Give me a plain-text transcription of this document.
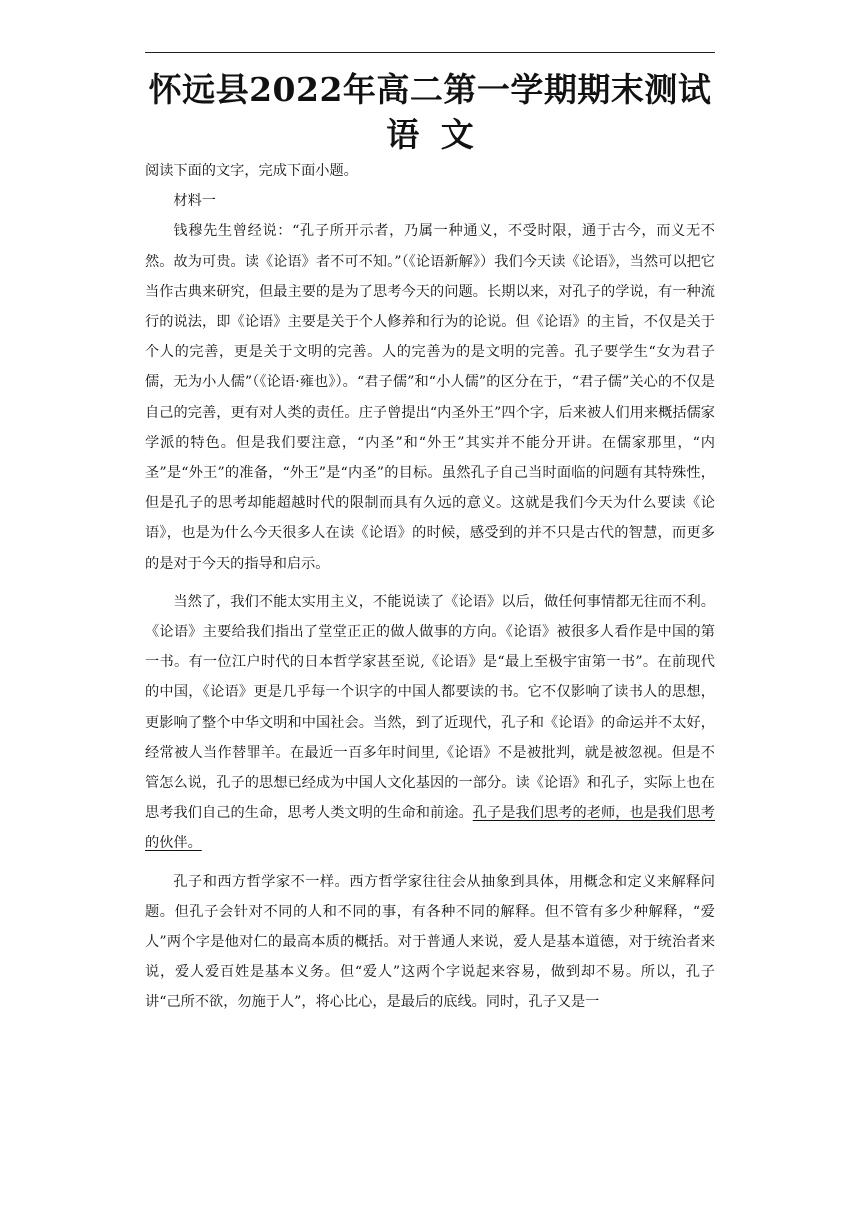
怀远县2022年高二第一学期期末测试
语 文

阅读下面的文字，完成下面小题。

材料一

钱穆先生曾经说：“孔子所开示者，乃属一种通义，不受时限，通于古今，而义无不然。故为可贵。读《论语》者不可不知。”（《论语新解》）我们今天读《论语》，当然可以把它当作古典来研究，但最主要的是为了思考今天的问题。长期以来，对孔子的学说，有一种流行的说法，即《论语》主要是关于个人修养和行为的论说。但《论语》的主旨，不仅是关于个人的完善，更是关于文明的完善。人的完善为的是文明的完善。孔子要学生“女为君子儒，无为小人儒”（《论语·雍也》）。“君子儒”和“小人儒”的区分在于，“君子儒”关心的不仅是自己的完善，更有对人类的责任。庄子曾提出“内圣外王”四个字，后来被人们用来概括儒家学派的特色。但是我们要注意，“内圣”和“外王”其实并不能分开讲。在儒家那里，“内圣”是“外王”的准备，“外王”是“内圣”的目标。虽然孔子自己当时面临的问题有其特殊性，但是孔子的思考却能超越时代的限制而具有久远的意义。这就是我们今天为什么要读《论语》，也是为什么今天很多人在读《论语》的时候，感受到的并不只是古代的智慧，而更多的是对于今天的指导和启示。

当然了，我们不能太实用主义，不能说读了《论语》以后，做任何事情都无往而不利。《论语》主要给我们指出了堂堂正正的做人做事的方向。《论语》被很多人看作是中国的第一书。有一位江户时代的日本哲学家甚至说,《论语》是“最上至极宇宙第一书”。在前现代的中国，《论语》更是几乎每一个识字的中国人都要读的书。它不仅影响了读书人的思想，更影响了整个中华文明和中国社会。当然，到了近现代，孔子和《论语》的命运并不太好，经常被人当作替罪羊。在最近一百多年时间里,《论语》不是被批判，就是被忽视。但是不管怎么说，孔子的思想已经成为中国人文化基因的一部分。读《论语》和孔子，实际上也在思考我们自己的生命，思考人类文明的生命和前途。孔子是我们思考的老师，也是我们思考的伙伴。

孔子和西方哲学家不一样。西方哲学家往往会从抽象到具体，用概念和定义来解释问题。但孔子会针对不同的人和不同的事，有各种不同的解释。但不管有多少种解释，“爱人”两个字是他对仁的最高本质的概括。对于普通人来说，爱人是基本道德，对于统治者来说，爱人爱百姓是基本义务。但“爱人”这两个字说起来容易，做到却不易。所以，孔子讲“己所不欲，勿施于人”，将心比心，是最后的底线。同时，孔子又是一
